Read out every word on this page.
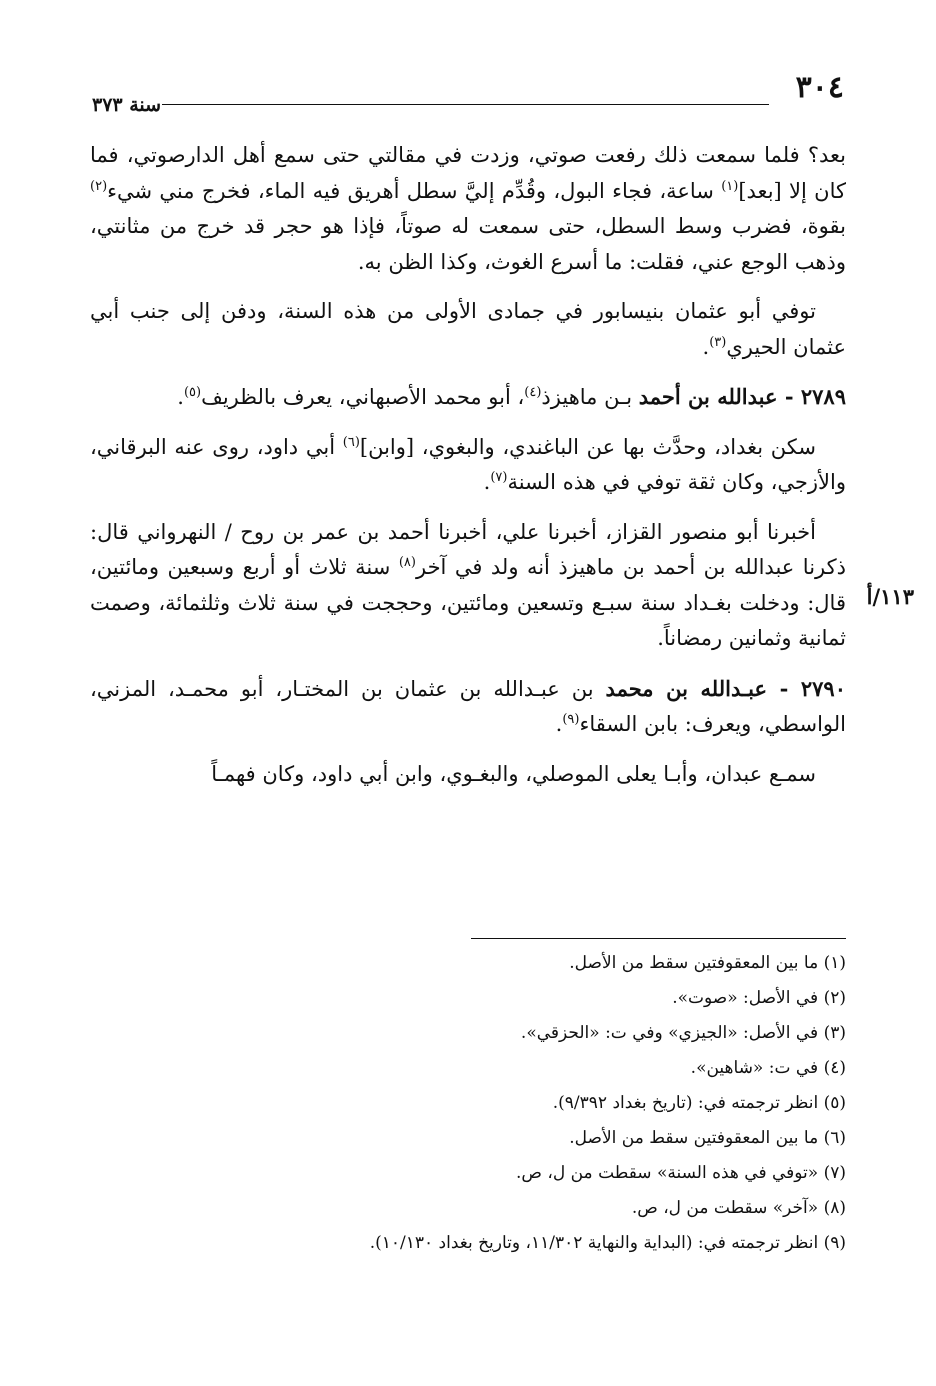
٣٠٤
سنة ٣٧٣
١١٣/أ

بعد؟ فلما سمعت ذلك رفعت صوتي، وزدت في مقالتي حتى سمع أهل الدارصوتي، فما كان إلا [بعد]$^{(١)}$ ساعة، فجاء البول، وقُدِّم إليَّ سطل أهريق فيه الماء، فخرج مني شيء$^{(٢)}$ بقوة، فضرب وسط السطل، حتى سمعت له صوتاً، فإذا هو حجر قد خرج من مثانتي، وذهب الوجع عني، فقلت: ما أسرع الغوث، وكذا الظن به.

توفي أبو عثمان بنيسابور في جمادى الأولى من هذه السنة، ودفن إلى جنب أبي عثمان الحيري$^{(٣)}$.

٢٧٨٩ - عبدالله بن أحمد بـن ماهيزذ$^{(٤)}$، أبو محمد الأصبهاني، يعرف بالظريف$^{(٥)}$.

سكن بغداد، وحدَّث بها عن الباغندي، والبغوي، [وابن]$^{(٦)}$ أبي داود، روى عنه البرقاني، والأزجي، وكان ثقة توفي في هذه السنة$^{(٧)}$.

أخبرنا أبو منصور القزاز، أخبرنا علي، أخبرنا أحمد بن عمر بن روح / النهرواني قال: ذكرنا عبدالله بن أحمد بن ماهيزذ أنه ولد في آخر$^{(٨)}$ سنة ثلاث أو أربع وسبعين ومائتين، قال: ودخلت بغـداد سنة سبـع وتسعين ومائتين، وحججت في سنة ثلاث وثلثمائة، وصمت ثمانية وثمانين رمضاناً.

٢٧٩٠ - عبـدالله بن محمد بن عبـدالله بن عثمان بن المختـار، أبو محمـد، المزني، الواسطي، ويعرف: بابن السقاء$^{(٩)}$.

سمـع عبدان، وأبـا يعلى الموصلي، والبغـوي، وابن أبي داود، وكان فهمـاً

(١) ما بين المعقوفتين سقط من الأصل.

(٢) في الأصل: «صوت».

(٣) في الأصل: «الجيزي» وفي ت: «الحزقي».

(٤) في ت: «شاهين».

(٥) انظر ترجمته في: (تاريخ بغداد ٩/٣٩٢).

(٦) ما بين المعقوفتين سقط من الأصل.

(٧) «توفي في هذه السنة» سقطت من ل، ص.

(٨) «آخر» سقطت من ل، ص.

(٩) انظر ترجمته في: (البداية والنهاية ١١/٣٠٢، وتاريخ بغداد ١٠/١٣٠).
